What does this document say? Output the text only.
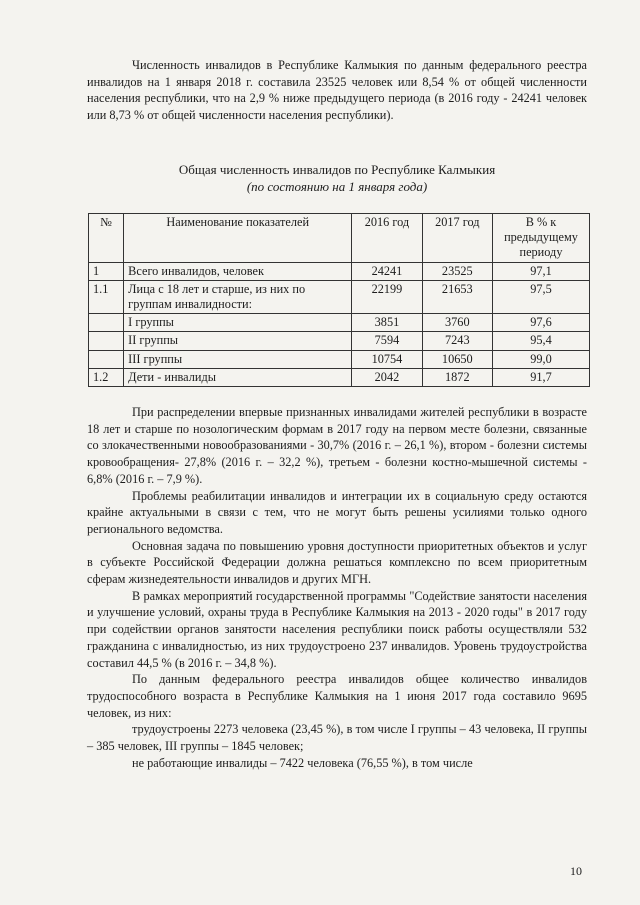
Численность инвалидов в Республике Калмыкия по данным федерального реестра инвалидов на 1 января 2018 г. составила 23525 человек или 8,54 % от общей численности населения республики, что на 2,9 % ниже предыдущего периода (в 2016 году - 24241 человек или 8,73 % от общей численности населения республики).

Общая численность инвалидов по Республике Калмыкия
(по состоянию на 1 января года)
№	Наименование показателей	2016 год	2017 год	В % к предыдущему периоду
1	Всего инвалидов, человек	24241	23525	97,1
1.1	Лица с 18 лет и старше, из них по группам инвалидности:	22199	21653	97,5
	I группы	3851	3760	97,6
	II группы	7594	7243	95,4
	III группы	10754	10650	99,0
1.2	Дети - инвалиды	2042	1872	91,7

При распределении впервые признанных инвалидами жителей республики в возрасте 18 лет и старше по нозологическим формам в 2017 году на первом месте болезни, связанные со злокачественными новообразованиями - 30,7% (2016 г. – 26,1 %), втором - болезни системы кровообращения- 27,8% (2016 г. – 32,2 %), третьем - болезни костно-мышечной системы - 6,8% (2016 г. – 7,9 %).

Проблемы реабилитации инвалидов и интеграции их в социальную среду остаются крайне актуальными в связи с тем, что не могут быть решены усилиями только одного регионального ведомства.

Основная задача по повышению уровня доступности приоритетных объектов и услуг в субъекте Российской Федерации должна решаться комплексно по всем приоритетным сферам жизнедеятельности инвалидов и других МГН.

В рамках мероприятий государственной программы "Содействие занятости населения и улучшение условий, охраны труда в Республике Калмыкия на 2013 - 2020 годы" в 2017 году при содействии органов занятости населения республики поиск работы осуществляли 532 гражданина с инвалидностью, из них трудоустроено 237 инвалидов. Уровень трудоустройства составил 44,5 % (в 2016 г. – 34,8 %).

По данным федерального реестра инвалидов общее количество инвалидов трудоспособного возраста в Республике Калмыкия на 1 июня 2017 года составило 9695 человек, из них:

трудоустроены 2273 человека (23,45 %), в том числе I группы – 43 человека, II группы – 385 человек, III группы – 1845 человек;

не работающие инвалиды – 7422 человека (76,55 %), в том числе

10
